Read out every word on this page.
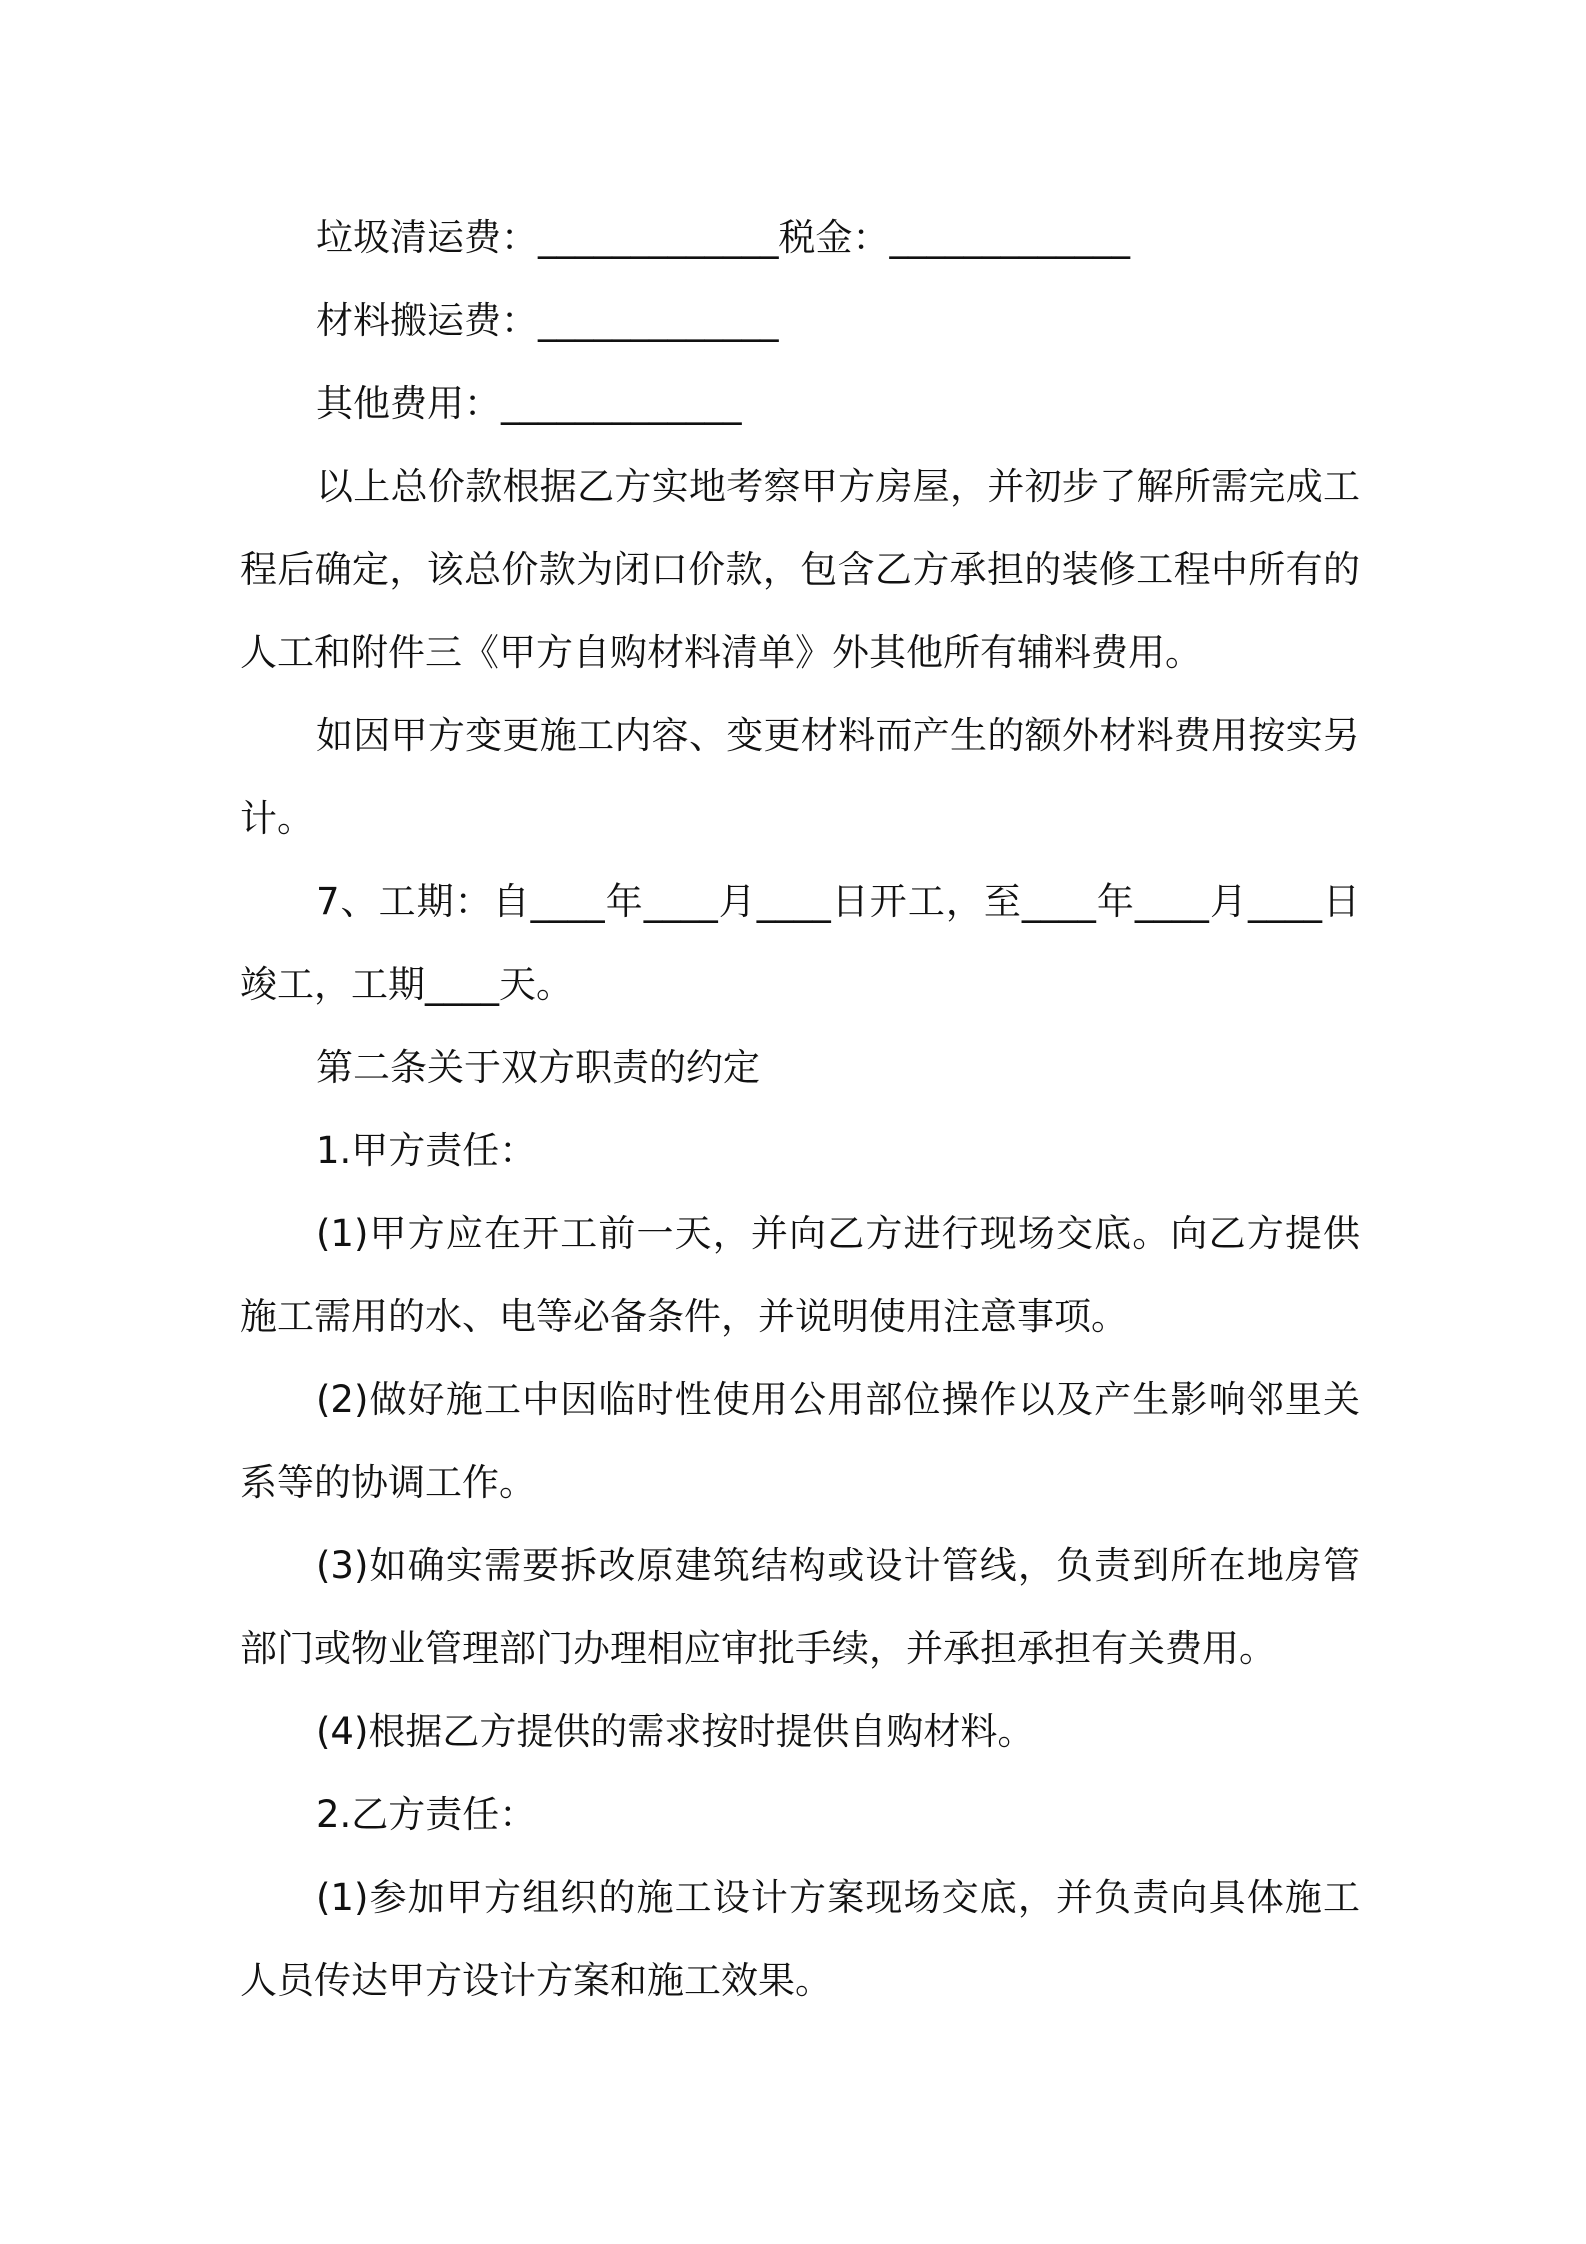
垃圾清运费：_____________税金：_____________

材料搬运费：_____________

其他费用：_____________

以上总价款根据乙方实地考察甲方房屋，并初步了解所需完成工程后确定，该总价款为闭口价款，包含乙方承担的装修工程中所有的人工和附件三《甲方自购材料清单》外其他所有辅料费用。

如因甲方变更施工内容、变更材料而产生的额外材料费用按实另计。

7、工期：自____年____月____日开工，至____年____月____日竣工，工期____天。

第二条关于双方职责的约定

1.甲方责任：

(1)甲方应在开工前一天，并向乙方进行现场交底。向乙方提供施工需用的水、电等必备条件，并说明使用注意事项。

(2)做好施工中因临时性使用公用部位操作以及产生影响邻里关系等的协调工作。

(3)如确实需要拆改原建筑结构或设计管线，负责到所在地房管部门或物业管理部门办理相应审批手续，并承担承担有关费用。

(4)根据乙方提供的需求按时提供自购材料。

2.乙方责任：

(1)参加甲方组织的施工设计方案现场交底，并负责向具体施工人员传达甲方设计方案和施工效果。
